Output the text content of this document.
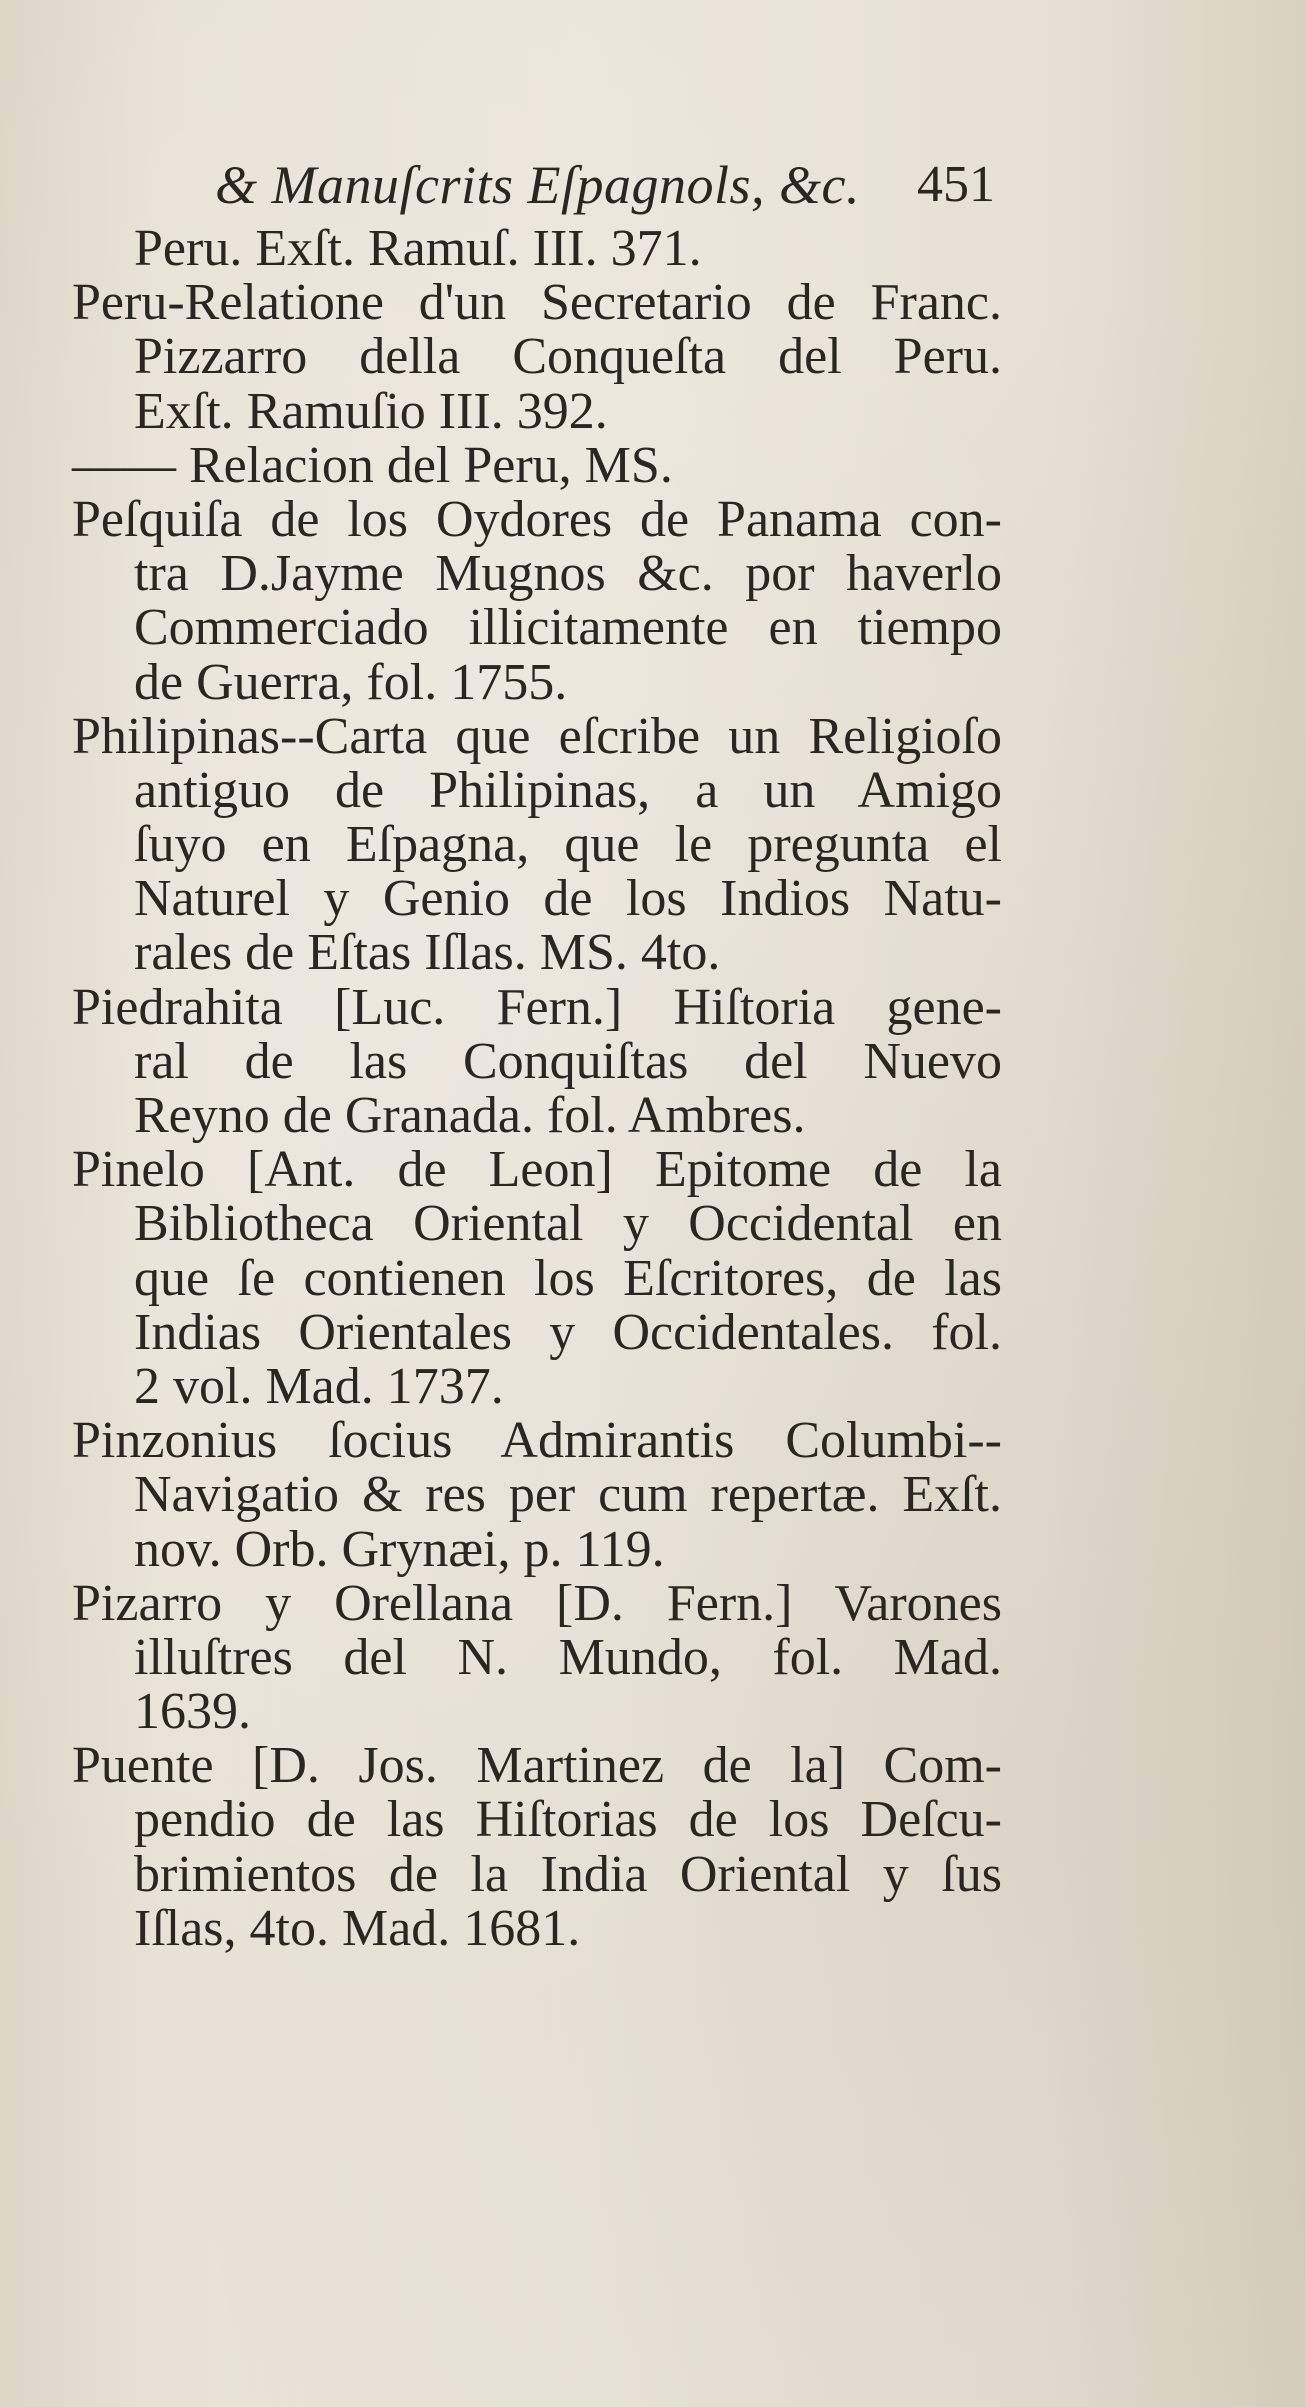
& Manuſcrits Eſpagnols, &c. 451
Peru. Exſt. Ramuſ. III. 371.
Peru-Relatione d'un Secretario de Franc.
Pizzarro della Conqueſta del Peru.
Exſt. Ramuſio III. 392.
—— Relacion del Peru, MS.
Peſquiſa de los Oydores de Panama con-
tra D.Jayme Mugnos &c. por haverlo
Commerciado illicitamente en tiempo
de Guerra, fol. 1755.
Philipinas--Carta que eſcribe un Religioſo
antiguo de Philipinas, a un Amigo
ſuyo en Eſpagna, que le pregunta el
Naturel y Genio de los Indios Natu-
rales de Eſtas Iſlas. MS. 4to.
Piedrahita [Luc. Fern.] Hiſtoria gene-
ral de las Conquiſtas del Nuevo
Reyno de Granada. fol. Ambres.
Pinelo [Ant. de Leon] Epitome de la
Bibliotheca Oriental y Occidental en
que ſe contienen los Eſcritores, de las
Indias Orientales y Occidentales. fol.
2 vol. Mad. 1737.
Pinzonius ſocius Admirantis Columbi--
Navigatio & res per cum repertæ. Exſt.
nov. Orb. Grynæi, p. 119.
Pizarro y Orellana [D. Fern.] Varones
illuſtres del N. Mundo, fol. Mad.
1639.
Puente [D. Jos. Martinez de la] Com-
pendio de las Hiſtorias de los Deſcu-
brimientos de la India Oriental y ſus
Iſlas, 4to. Mad. 1681.
